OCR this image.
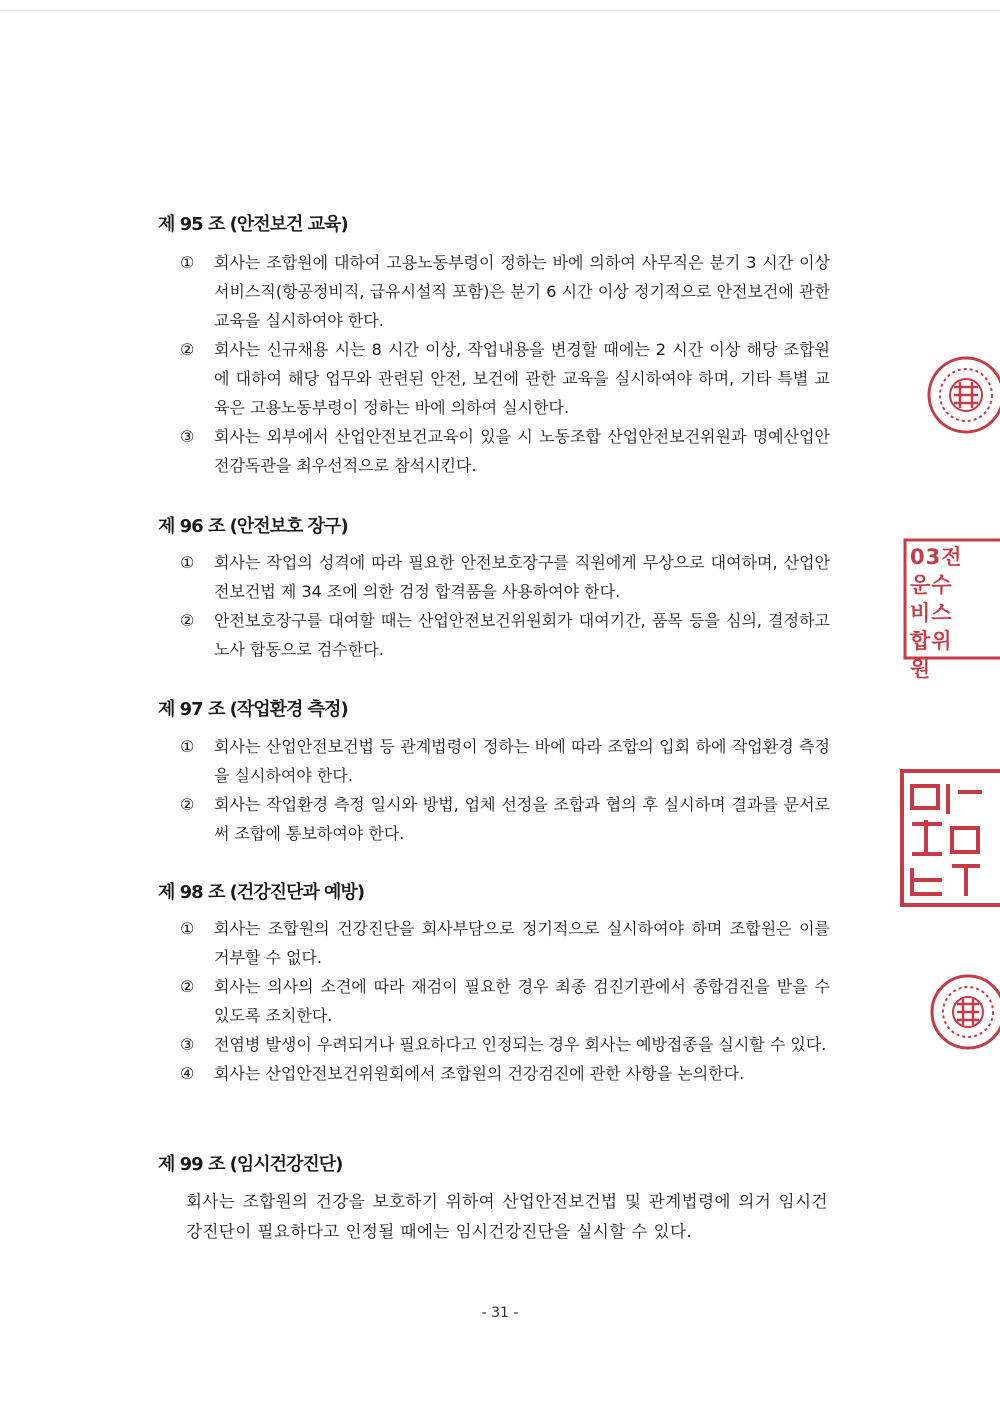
제 95 조 (안전보건 교육)
①	회사는 조합원에 대하여 고용노동부령이 정하는 바에 의하여 사무직은 분기 3 시간 이상 서비스직(항공정비직, 급유시설직 포함)은 분기 6 시간 이상 정기적으로 안전보건에 관한 교육을 실시하여야 한다.
②	회사는 신규채용 시는 8 시간 이상, 작업내용을 변경할 때에는 2 시간 이상 해당 조합원에 대하여 해당 업무와 관련된 안전, 보건에 관한 교육을 실시하여야 하며, 기타 특별 교육은 고용노동부령이 정하는 바에 의하여 실시한다.
③	회사는 외부에서 산업안전보건교육이 있을 시 노동조합 산업안전보건위원과 명예산업안전감독관을 최우선적으로 참석시킨다.
제 96 조 (안전보호 장구)
①	회사는 작업의 성격에 따라 필요한 안전보호장구를 직원에게 무상으로 대여하며, 산업안전보건법 제 34 조에 의한 검정 합격품을 사용하여야 한다.
②	안전보호장구를 대여할 때는 산업안전보건위원회가 대여기간, 품목 등을 심의, 결정하고 노사 합동으로 검수한다.
제 97 조 (작업환경 측정)
①	회사는 산업안전보건법 등 관계법령이 정하는 바에 따라 조합의 입회 하에 작업환경 측정을 실시하여야 한다.
②	회사는 작업환경 측정 일시와 방법, 업체 선정을 조합과 협의 후 실시하며 결과를 문서로써 조합에 통보하여야 한다.
제 98 조 (건강진단과 예방)
①	회사는 조합원의 건강진단을 회사부담으로 정기적으로 실시하여야 하며 조합원은 이를 거부할 수 없다.
②	회사는 의사의 소견에 따라 재검이 필요한 경우 최종 검진기관에서 종합검진을 받을 수 있도록 조치한다.
③	전염병 발생이 우려되거나 필요하다고 인정되는 경우 회사는 예방접종을 실시할 수 있다.
④	회사는 산업안전보건위원회에서 조합원의 건강검진에 관한 사항을 논의한다.
제 99 조 (임시건강진단)

회사는 조합원의 건강을 보호하기 위하여 산업안전보건법 및 관계법령에 의거 임시건강진단이 필요하다고 인정될 때에는 임시건강진단을 실시할 수 있다.

- 31 -
03전 운수 비스 합위원
